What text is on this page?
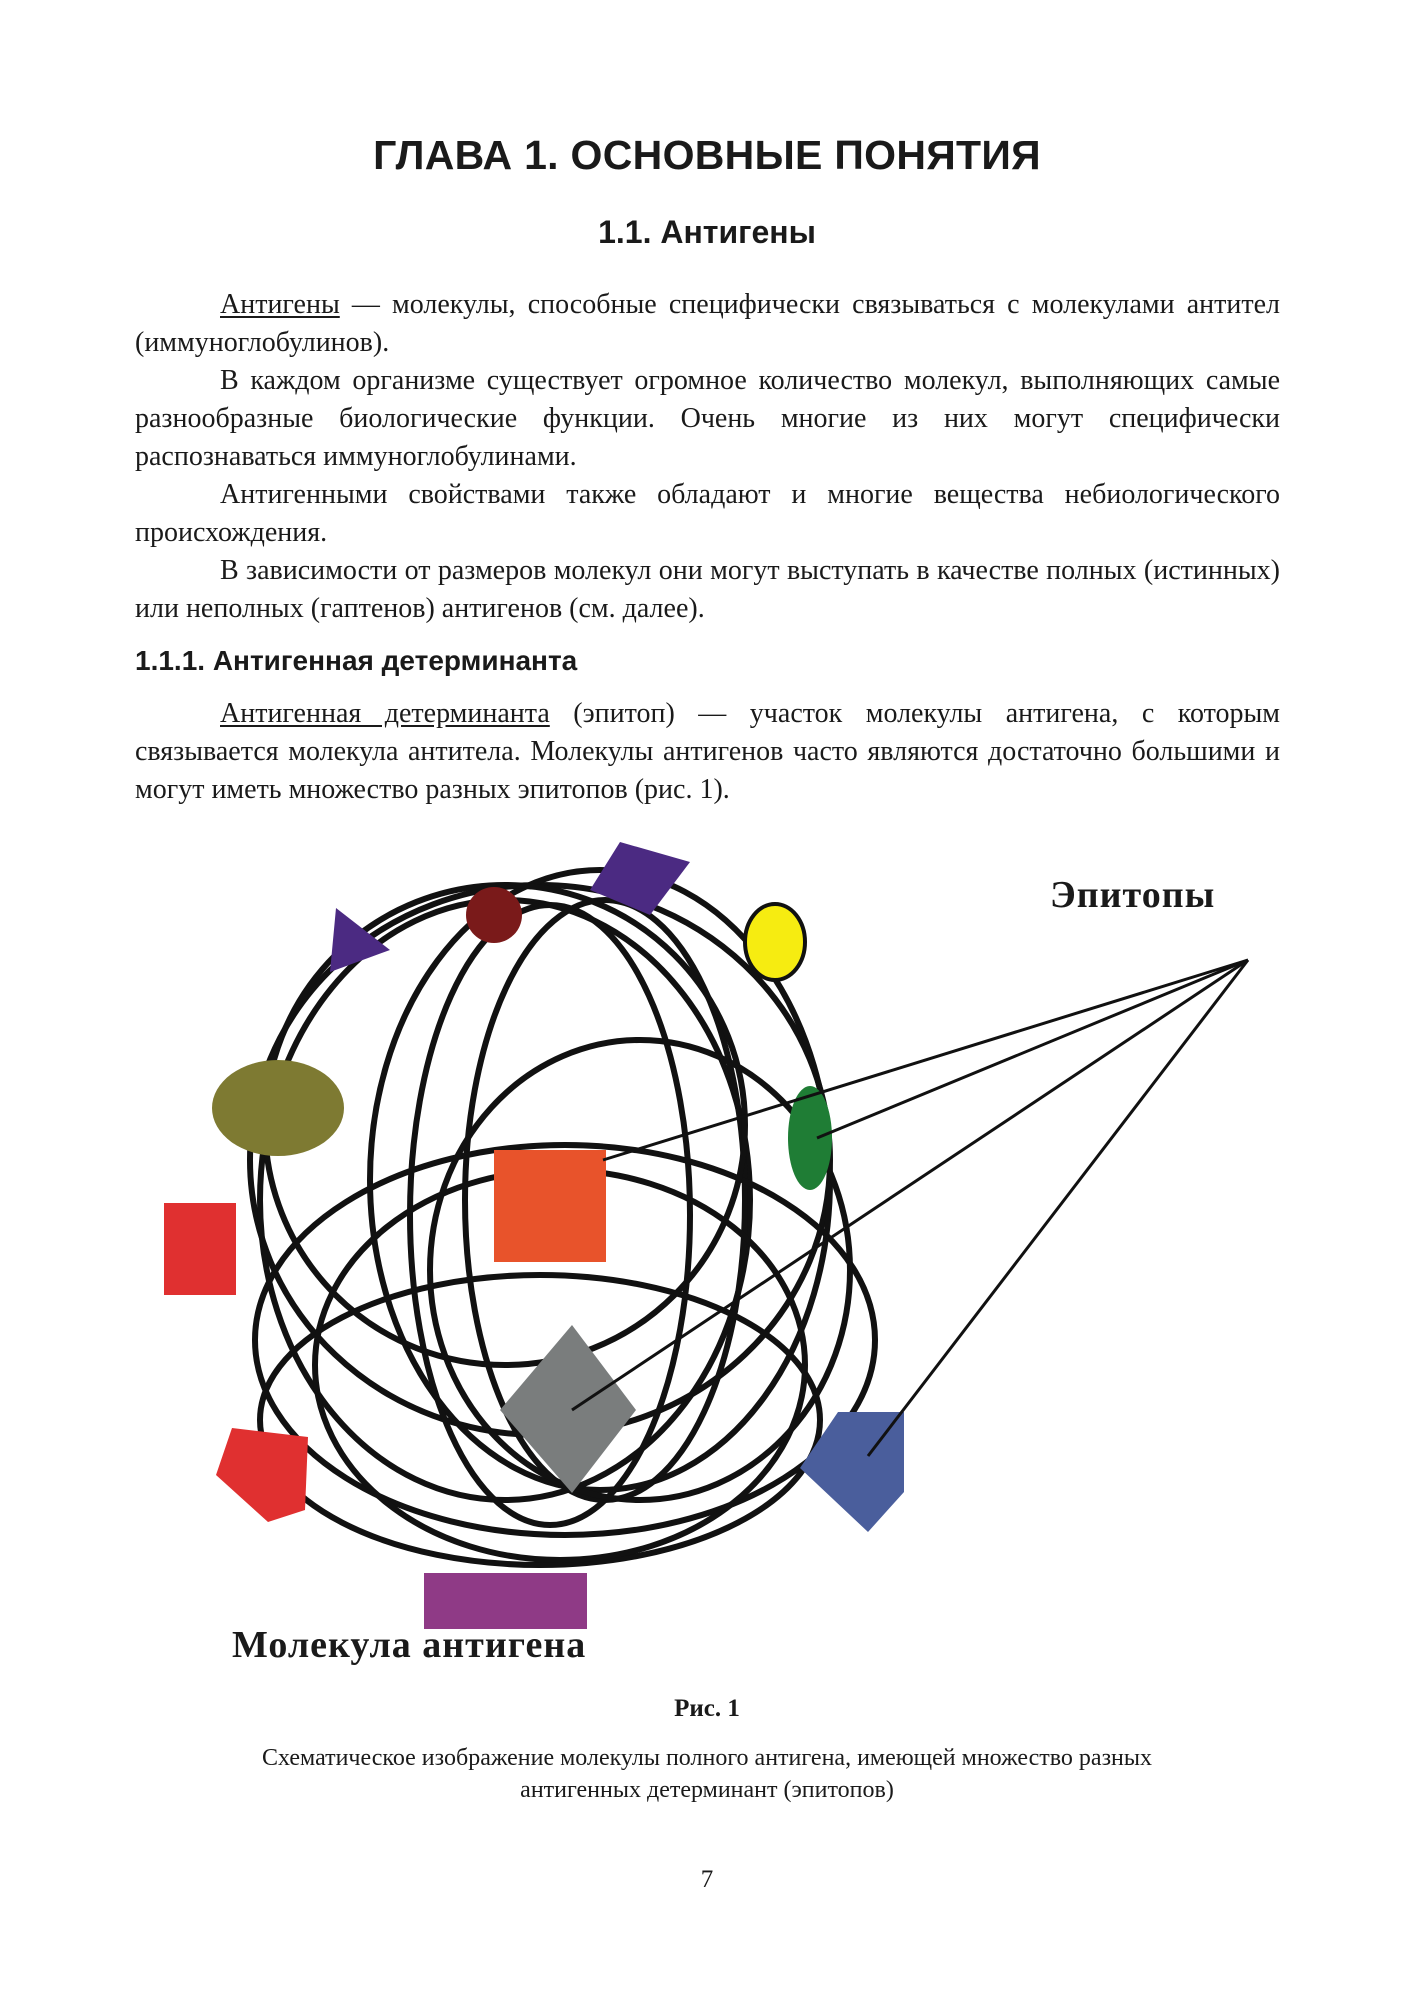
ГЛАВА 1. ОСНОВНЫЕ ПОНЯТИЯ
1.1. Антигены

Антигены — молекулы, способные специфически связываться с молекулами антител (иммуноглобулинов).

В каждом организме существует огромное количество молекул, выполняющих самые разнообразные биологические функции. Очень многие из них могут специфически распознаваться иммуноглобулинами.

Антигенными свойствами также обладают и многие вещества небиологического происхождения.

В зависимости от размеров молекул они могут выступать в качестве полных (истинных) или неполных (гаптенов) антигенов (см. далее).

1.1.1. Антигенная детерминанта

Антигенная детерминанта (эпитоп) — участок молекулы антигена, с которым связывается молекула антитела. Молекулы антигенов часто являются достаточно большими и могут иметь множество разных эпитопов (рис. 1).

Эпитопы
Молекула антигена
Рис. 1
Схематическое изображение молекулы полного антигена, имеющей множество разных антигенных детерминант (эпитопов)
7
